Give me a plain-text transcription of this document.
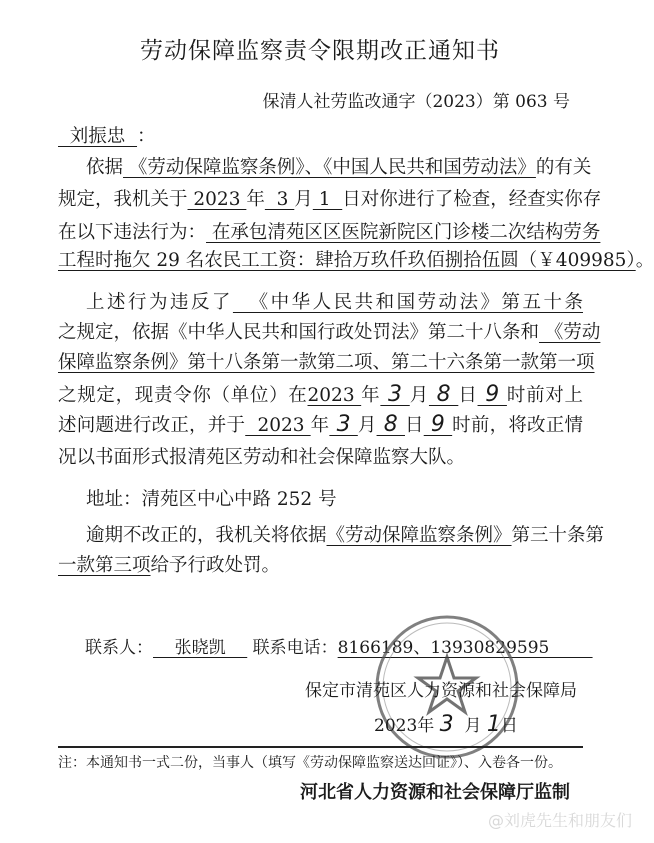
劳动保障监察责令限期改正通知书
保清人社劳监改通字（2023）第 063 号
刘振忠  ：
依据 《劳动保障监察条例》、《中国人民共和国劳动法》的有关
规定，我机关于 2023 年  3 月 1  日对你进行了检查，经查实你存
在以下违法行为： 在承包清苑区区医院新院区门诊楼二次结构劳务
工程时拖欠 29 名农民工工资：肆拾万玖仟玖佰捌拾伍圆（￥409985）。
上述行为违反了  《中华人民共和国劳动法》第五十条
之规定，依据《中华人民共和国行政处罚法》第二十八条和 《劳动
保障监察条例》第十八条第一款第二项、第二十六条第一款第一项
之规定，现责令你（单位）在2023 年 3 月 8 日 9 时前对上
述问题进行改正，并于  2023 年 3 月 8 日 9 时前，将改正情
况以书面形式报清苑区劳动和社会保障监察大队。
地址：清苑区中心中路 252 号
逾期不改正的，我机关将依据《劳动保障监察条例》第三十条第
一款第三项给予行政处罚。
联系人：    张晓凯     联系电话：8166189、13930829595
保定市清苑区人力资源和社会保障局
2023年 3 月 1日
注：本通知书一式二份，当事人（填写《劳动保障监察送达回证》）、入卷各一份。
河北省人力资源和社会保障厅监制
@刘虎先生和朋友们
